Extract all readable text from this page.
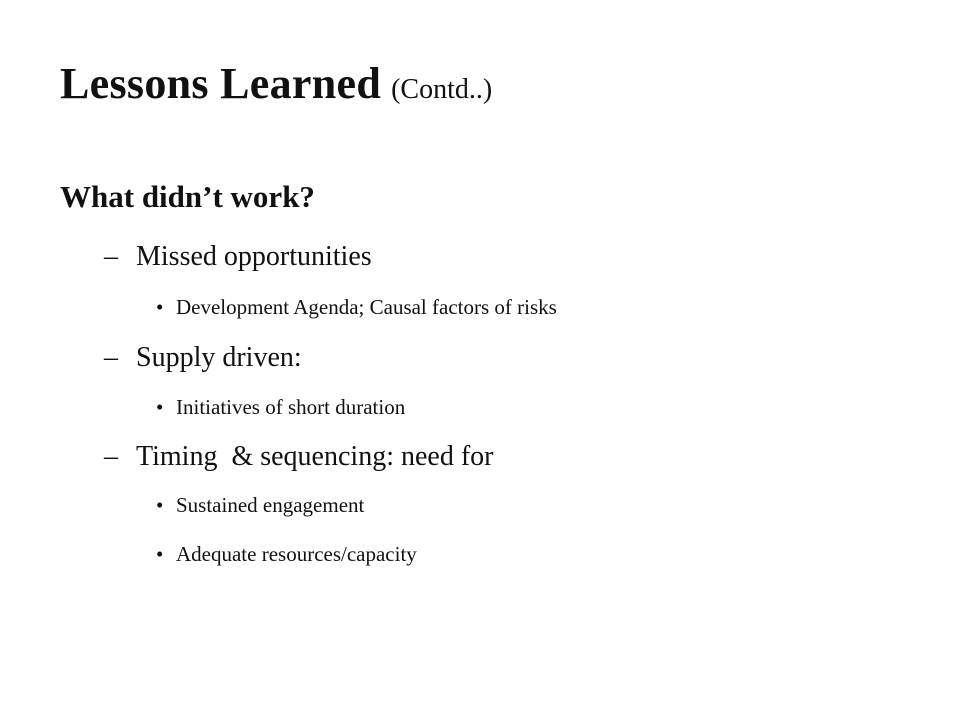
Lessons Learned (Contd..)
What didn’t work?
– Missed opportunities
• Development Agenda; Causal factors of risks
– Supply driven:
• Initiatives of short duration
– Timing  & sequencing: need for
• Sustained engagement
• Adequate resources/capacity
